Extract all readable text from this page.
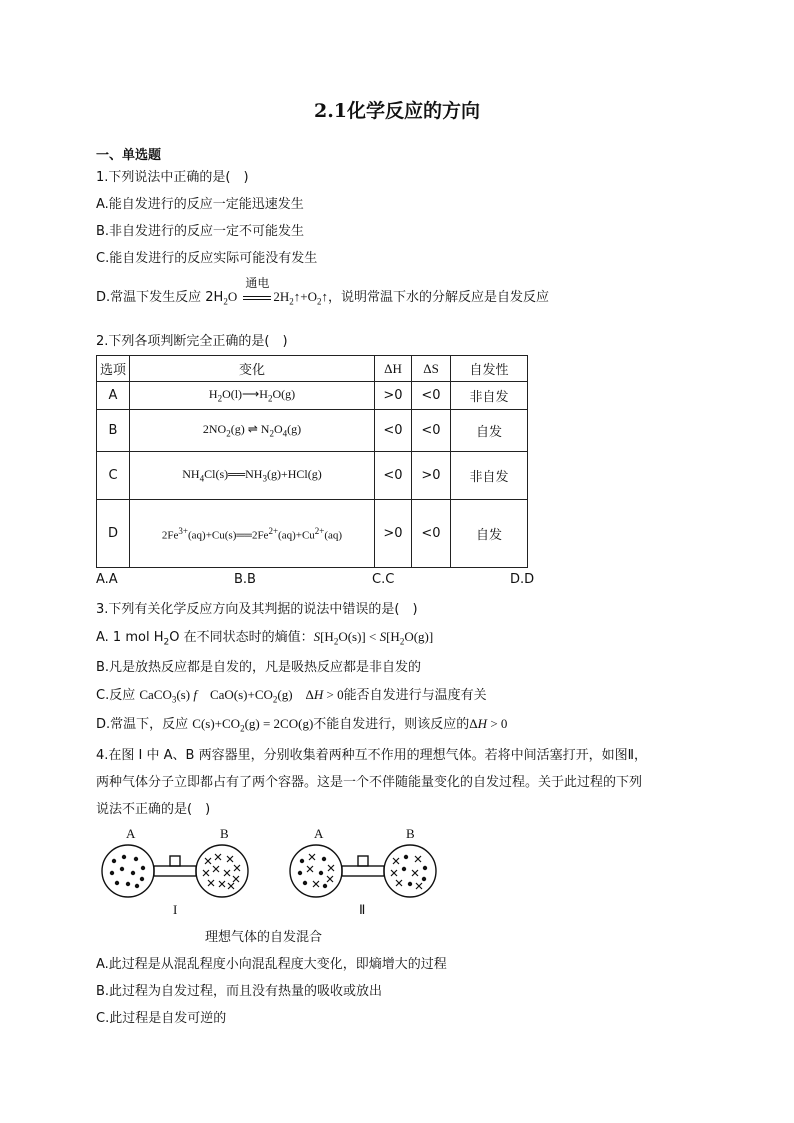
2.1化学反应的方向
一、单选题
1.下列说法中正确的是(　)
A.能自发进行的反应一定能迅速发生
B.非自发进行的反应一定不可能发生
C.能自发进行的反应实际可能没有发生
D.常温下发生反应 $2H_2O$
通电
$2H_2↑+O_2↑$，说明常温下水的分解反应是自发反应
2.下列各项判断完全正确的是(　)
选项	变化	ΔH	ΔS	自发性
A	$H_2O(l)⟶H_2O(g)$	>0	<0	非自发
B	$2NO_2(g)$ ⇌ $N_2O_4(g)$	<0	<0	自发
C	$NH_4Cl(s)══NH_3(g)+HCl(g)$	<0	>0	非自发
D	$2Fe^{3+}(aq)+Cu(s)══2Fe^{2+}(aq)+Cu^{2+}(aq)$	>0	<0	自发
A.A	B.B	C.C	D.D
3.下列有关化学反应方向及其判据的说法中错误的是(　)
A. 1 mol $H_2O$ 在不同状态时的熵值：$S[H_2O(s)] < S[H_2O(g)]$
B.凡是放热反应都是自发的，凡是吸热反应都是非自发的
C.反应 CaCO$_3$(s) f　$CaO(s)+CO_2(g)$　ΔH > 0能否自发进行与温度有关
D.常温下，反应 $C(s)+CO_2(g) = 2CO(g)$不能自发进行，则该反应的ΔH > 0
4.在图 I 中 A、B 两容器里，分别收集着两种互不作用的理想气体。若将中间活塞打开，如图Ⅱ，
两种气体分子立即都占有了两个容器。这是一个不伴随能量变化的自发过程。关于此过程的下列
说法不正确的是(　)
A	B	A	B
I	Ⅱ
理想气体的自发混合
A.此过程是从混乱程度小向混乱程度大变化，即熵增大的过程
B.此过程为自发过程，而且没有热量的吸收或放出
C.此过程是自发可逆的
